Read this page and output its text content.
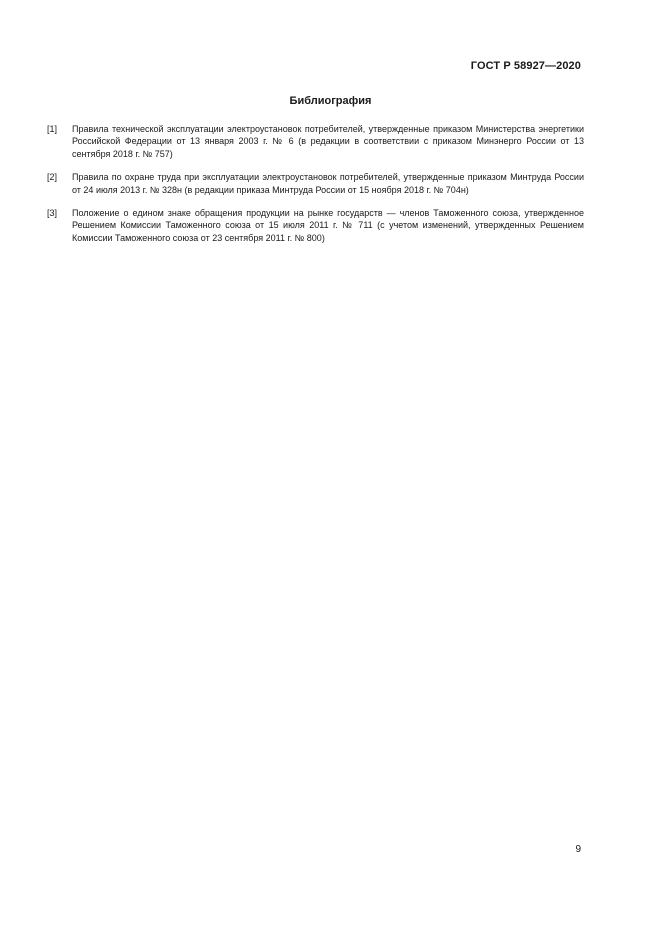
ГОСТ Р 58927—2020
Библиография
[1]	Правила технической эксплуатации электроустановок потребителей, утвержденные приказом Министерства энергетики Российской Федерации от 13 января 2003 г. № 6 (в редакции в соответствии с приказом Минэнерго России от 13 сентября 2018 г. № 757)
[2]	Правила по охране труда при эксплуатации электроустановок потребителей, утвержденные приказом Минтруда России от 24 июля 2013 г. № 328н (в редакции приказа Минтруда России от 15 ноября 2018 г. № 704н)
[3]	Положение о едином знаке обращения продукции на рынке государств — членов Таможенного союза, утвержденное Решением Комиссии Таможенного союза от 15 июля 2011 г. № 711 (с учетом изменений, утвержденных Решением Комиссии Таможенного союза от 23 сентября 2011 г. № 800)
9
